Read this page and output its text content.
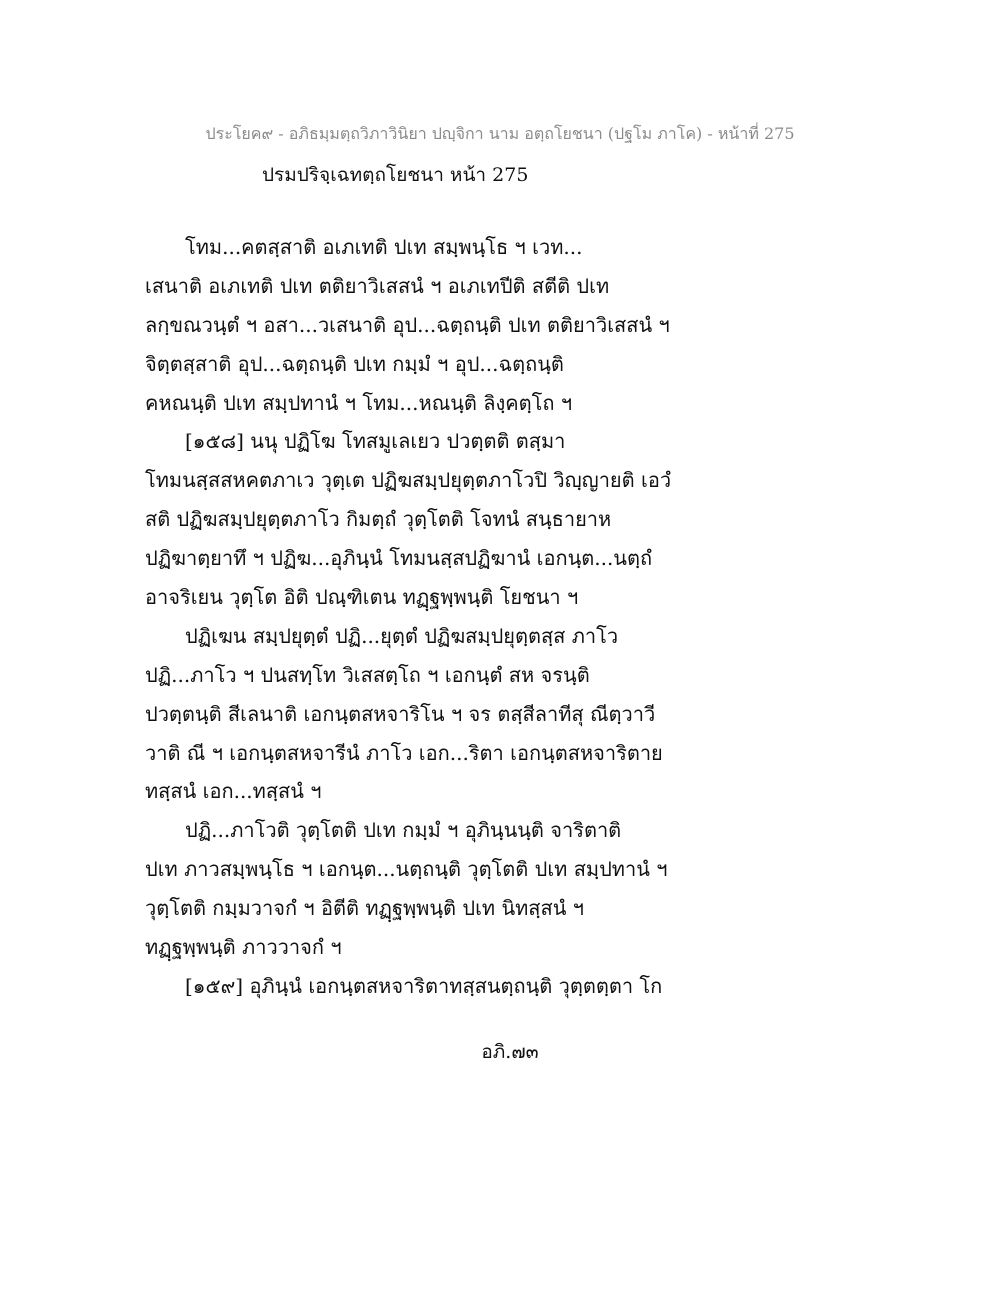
ประโยค๙ - อภิธมฺมตฺถวิภาวินิยา ปญฺจิกา นาม อตฺถโยชนา (ปฐโม ภาโค) - หน้าที่ 275
ปรมปริจฺเฉทตฺถโยชนา หน้า 275
โทม...คตสฺสาติ อเภเทติ ปเท สมฺพนฺโธ ฯ เวท...
เสนาติ อเภเทติ ปเท ตติยาวิเสสนํ ฯ อเภเทปีติ สตีติ ปเท
ลกฺขณวนฺตํ ฯ อสา...วเสนาติ อุป...ฉตฺถนฺติ ปเท ตติยาวิเสสนํ ฯ
จิตฺตสฺสาติ อุป...ฉตฺถนฺติ ปเท กมฺมํ ฯ อุป...ฉตฺถนฺติ
คหณนฺติ ปเท สมฺปทานํ ฯ โทม...หณนฺติ ลิงฺคตฺโถ ฯ
[๑๕๘] นนุ ปฏิโฆ โทสมูเลเยว ปวตฺตติ ตสฺมา
โทมนสฺสสหคตภาเว วุตฺเต ปฏิฆสมฺปยุตฺตภาโวปิ วิญฺญายติ เอวํ
สติ ปฏิฆสมฺปยุตฺตภาโว กิมตฺถํ วุตฺโตติ โจทนํ สนฺธายาห
ปฏิฆาตฺยาทึ ฯ ปฏิฆ...อุภินฺนํ โทมนสฺสปฏิฆานํ เอกนฺต...นตฺถํ
อาจริเยน วุตฺโต อิติ ปณฺฑิเตน ทฏฺฐพฺพนฺติ โยชนา ฯ
ปฏิเฆน สมฺปยุตฺตํ ปฏิ...ยุตฺตํ ปฏิฆสมฺปยุตฺตสฺส ภาโว
ปฏิ...ภาโว ฯ ปนสทฺโท วิเสสตฺโถ ฯ เอกนฺตํ สห จรนฺติ
ปวตฺตนฺติ สีเลนาติ เอกนฺตสหจาริโน ฯ จร ตสฺสีลาทีสุ ณีตฺวาวี
วาติ ณี ฯ เอกนฺตสหจารีนํ ภาโว เอก...ริตา เอกนฺตสหจาริตาย
ทสฺสนํ เอก...ทสฺสนํ ฯ
ปฏิ...ภาโวติ วุตฺโตติ ปเท กมฺมํ ฯ อุภินฺนนฺติ จาริตาติ
ปเท ภาวสมฺพนฺโธ ฯ เอกนฺต...นตฺถนฺติ วุตฺโตติ ปเท สมฺปทานํ ฯ
วุตฺโตติ กมฺมวาจกํ ฯ อิตีติ ทฏฺฐพฺพนฺติ ปเท นิทสฺสนํ ฯ
ทฏฺฐพฺพนฺติ ภาววาจกํ ฯ
[๑๕๙] อุภินฺนํ เอกนฺตสหจาริตาทสฺสนตฺถนฺติ วุตฺตตฺตา โก
อภิ.๗๓
